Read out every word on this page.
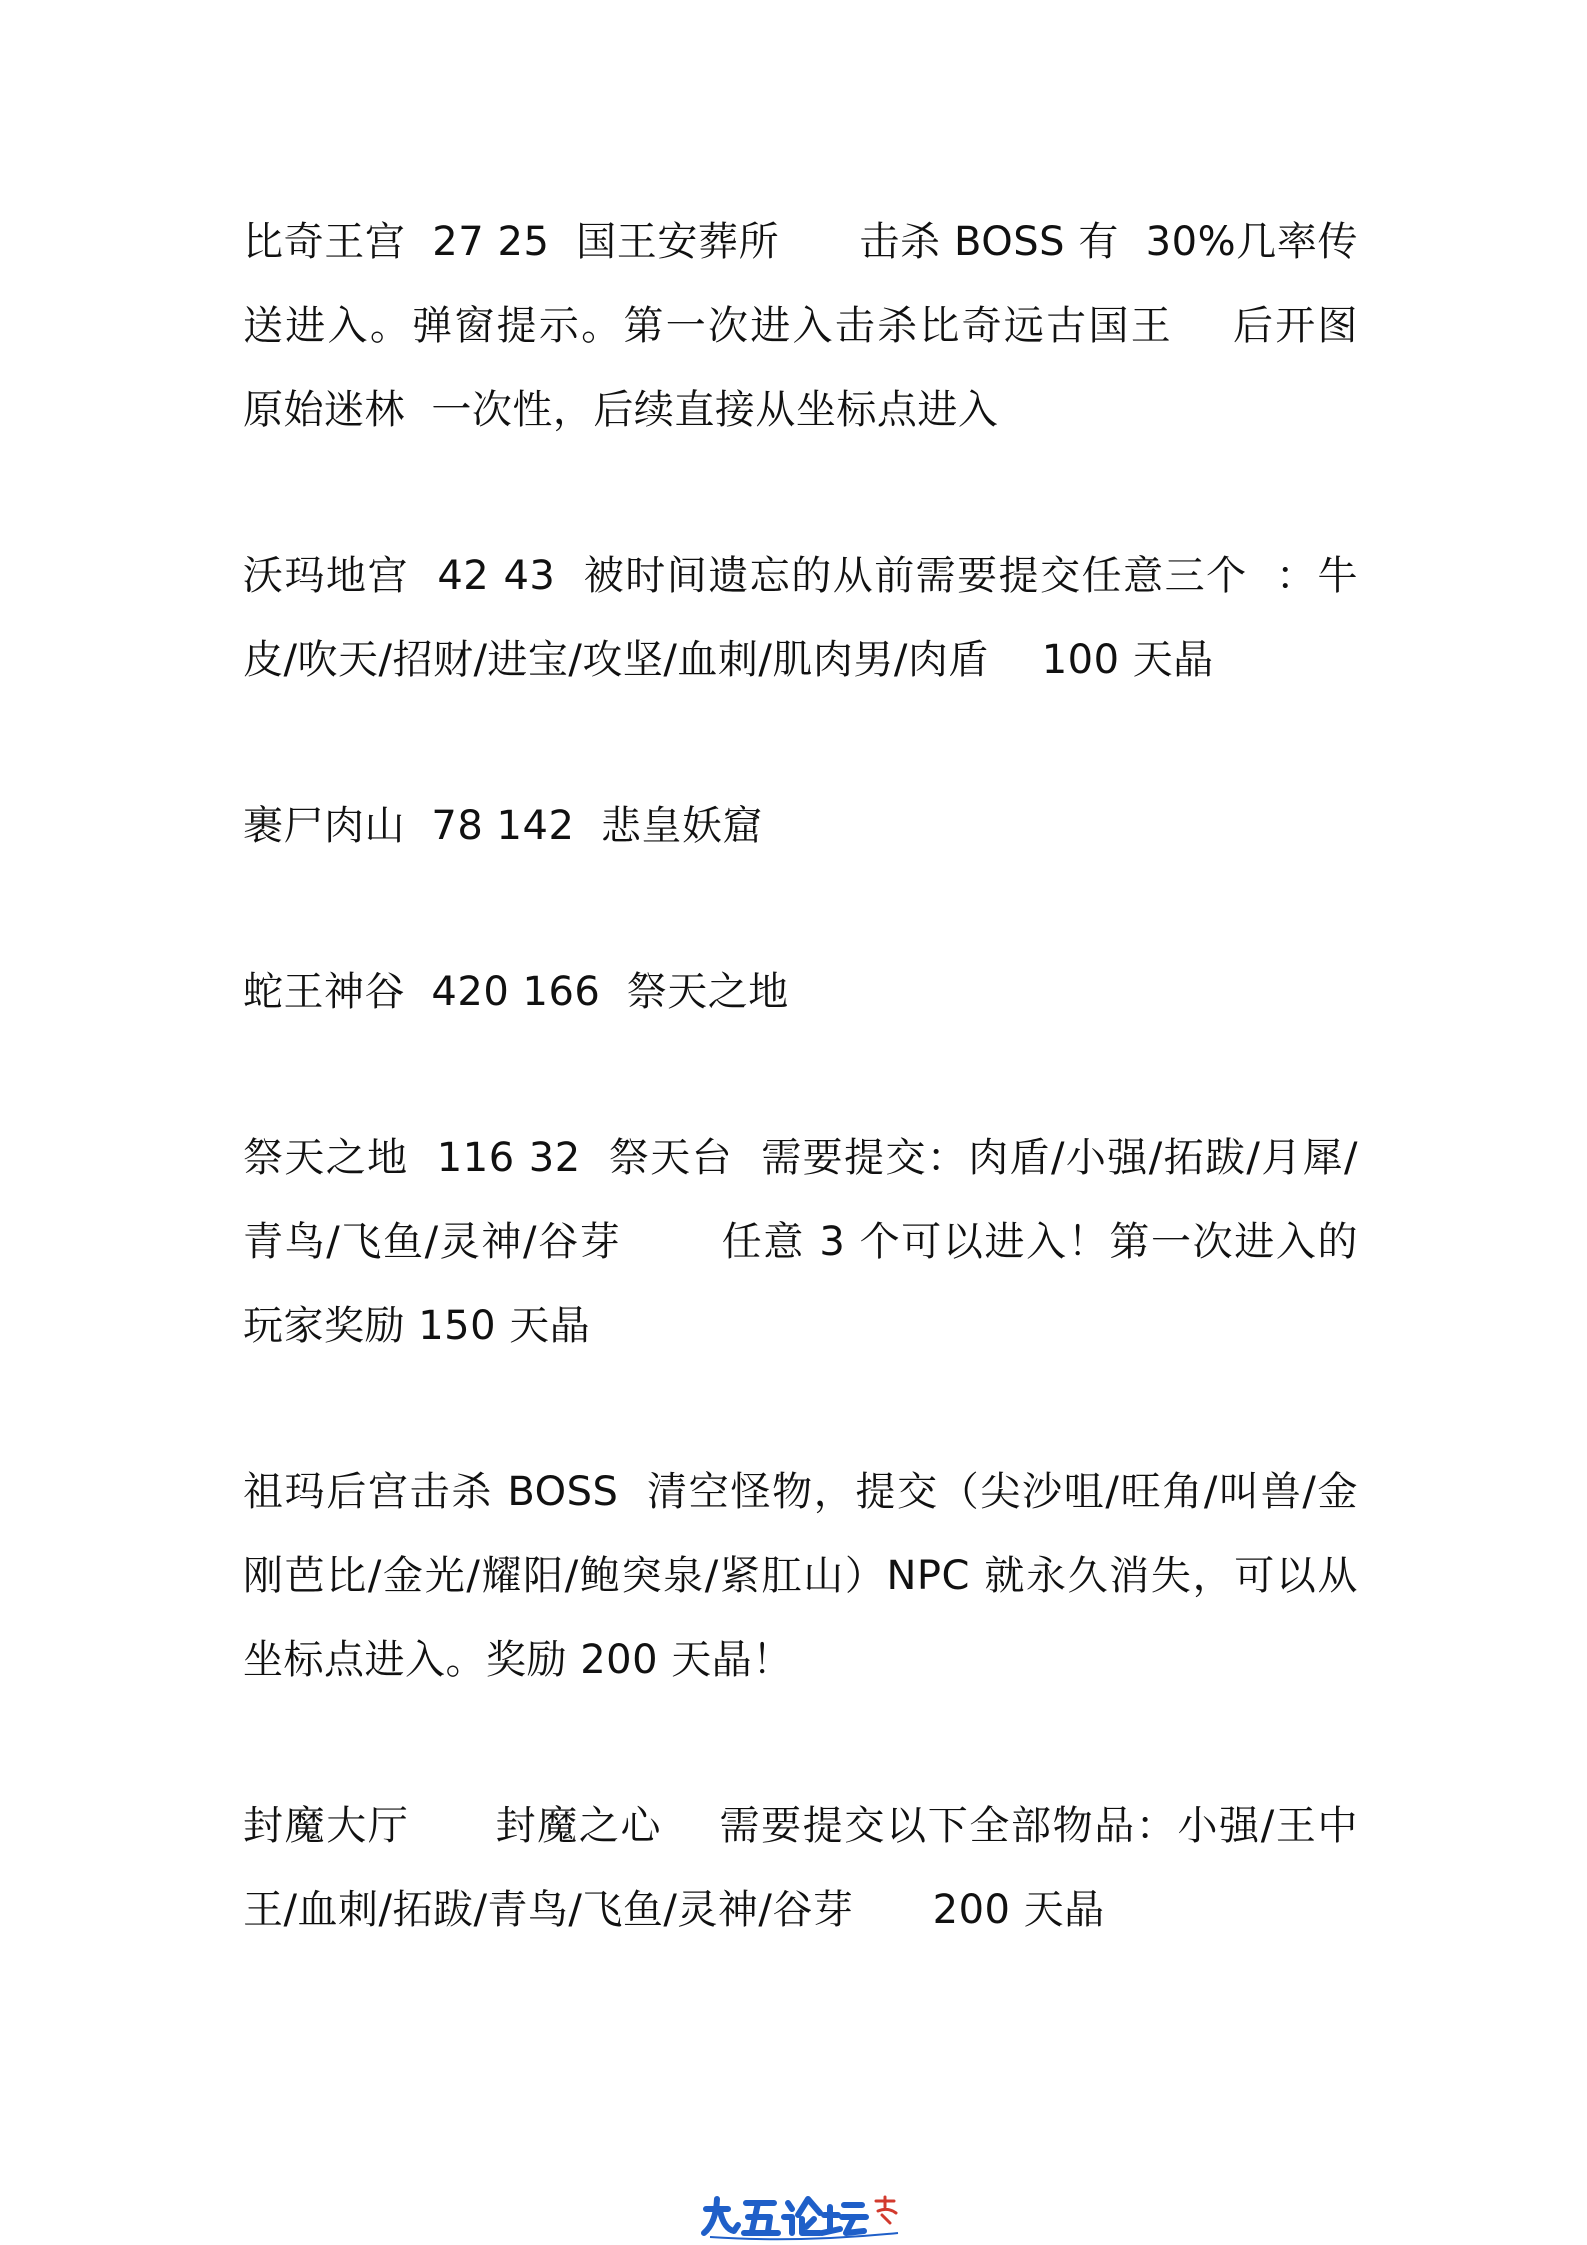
比奇王宫  27 25  国王安葬所      击杀 BOSS 有  30%几率传送进入。弹窗提示。第一次进入击杀比奇远古国王    后开图  原始迷林  一次性，后续直接从坐标点进入

沃玛地宫  42 43  被时间遗忘的从前需要提交任意三个  ：牛皮/吹天/招财/进宝/攻坚/血刺/肌肉男/肉盾    100 天晶

裹尸肉山  78 142  悲皇妖窟

蛇王神谷  420 166  祭天之地

祭天之地  116 32  祭天台  需要提交：肉盾/小强/拓跋/月犀/青鸟/飞鱼/灵神/谷芽       任意 3 个可以进入！第一次进入的玩家奖励 150 天晶

祖玛后宫击杀 BOSS  清空怪物，提交（尖沙咀/旺角/叫兽/金刚芭比/金光/耀阳/鲍突泉/紧肛山）NPC 就永久消失，可以从坐标点进入。奖励 200 天晶！

封魔大厅      封魔之心    需要提交以下全部物品：小强/王中王/血刺/拓跋/青鸟/飞鱼/灵神/谷芽      200 天晶
